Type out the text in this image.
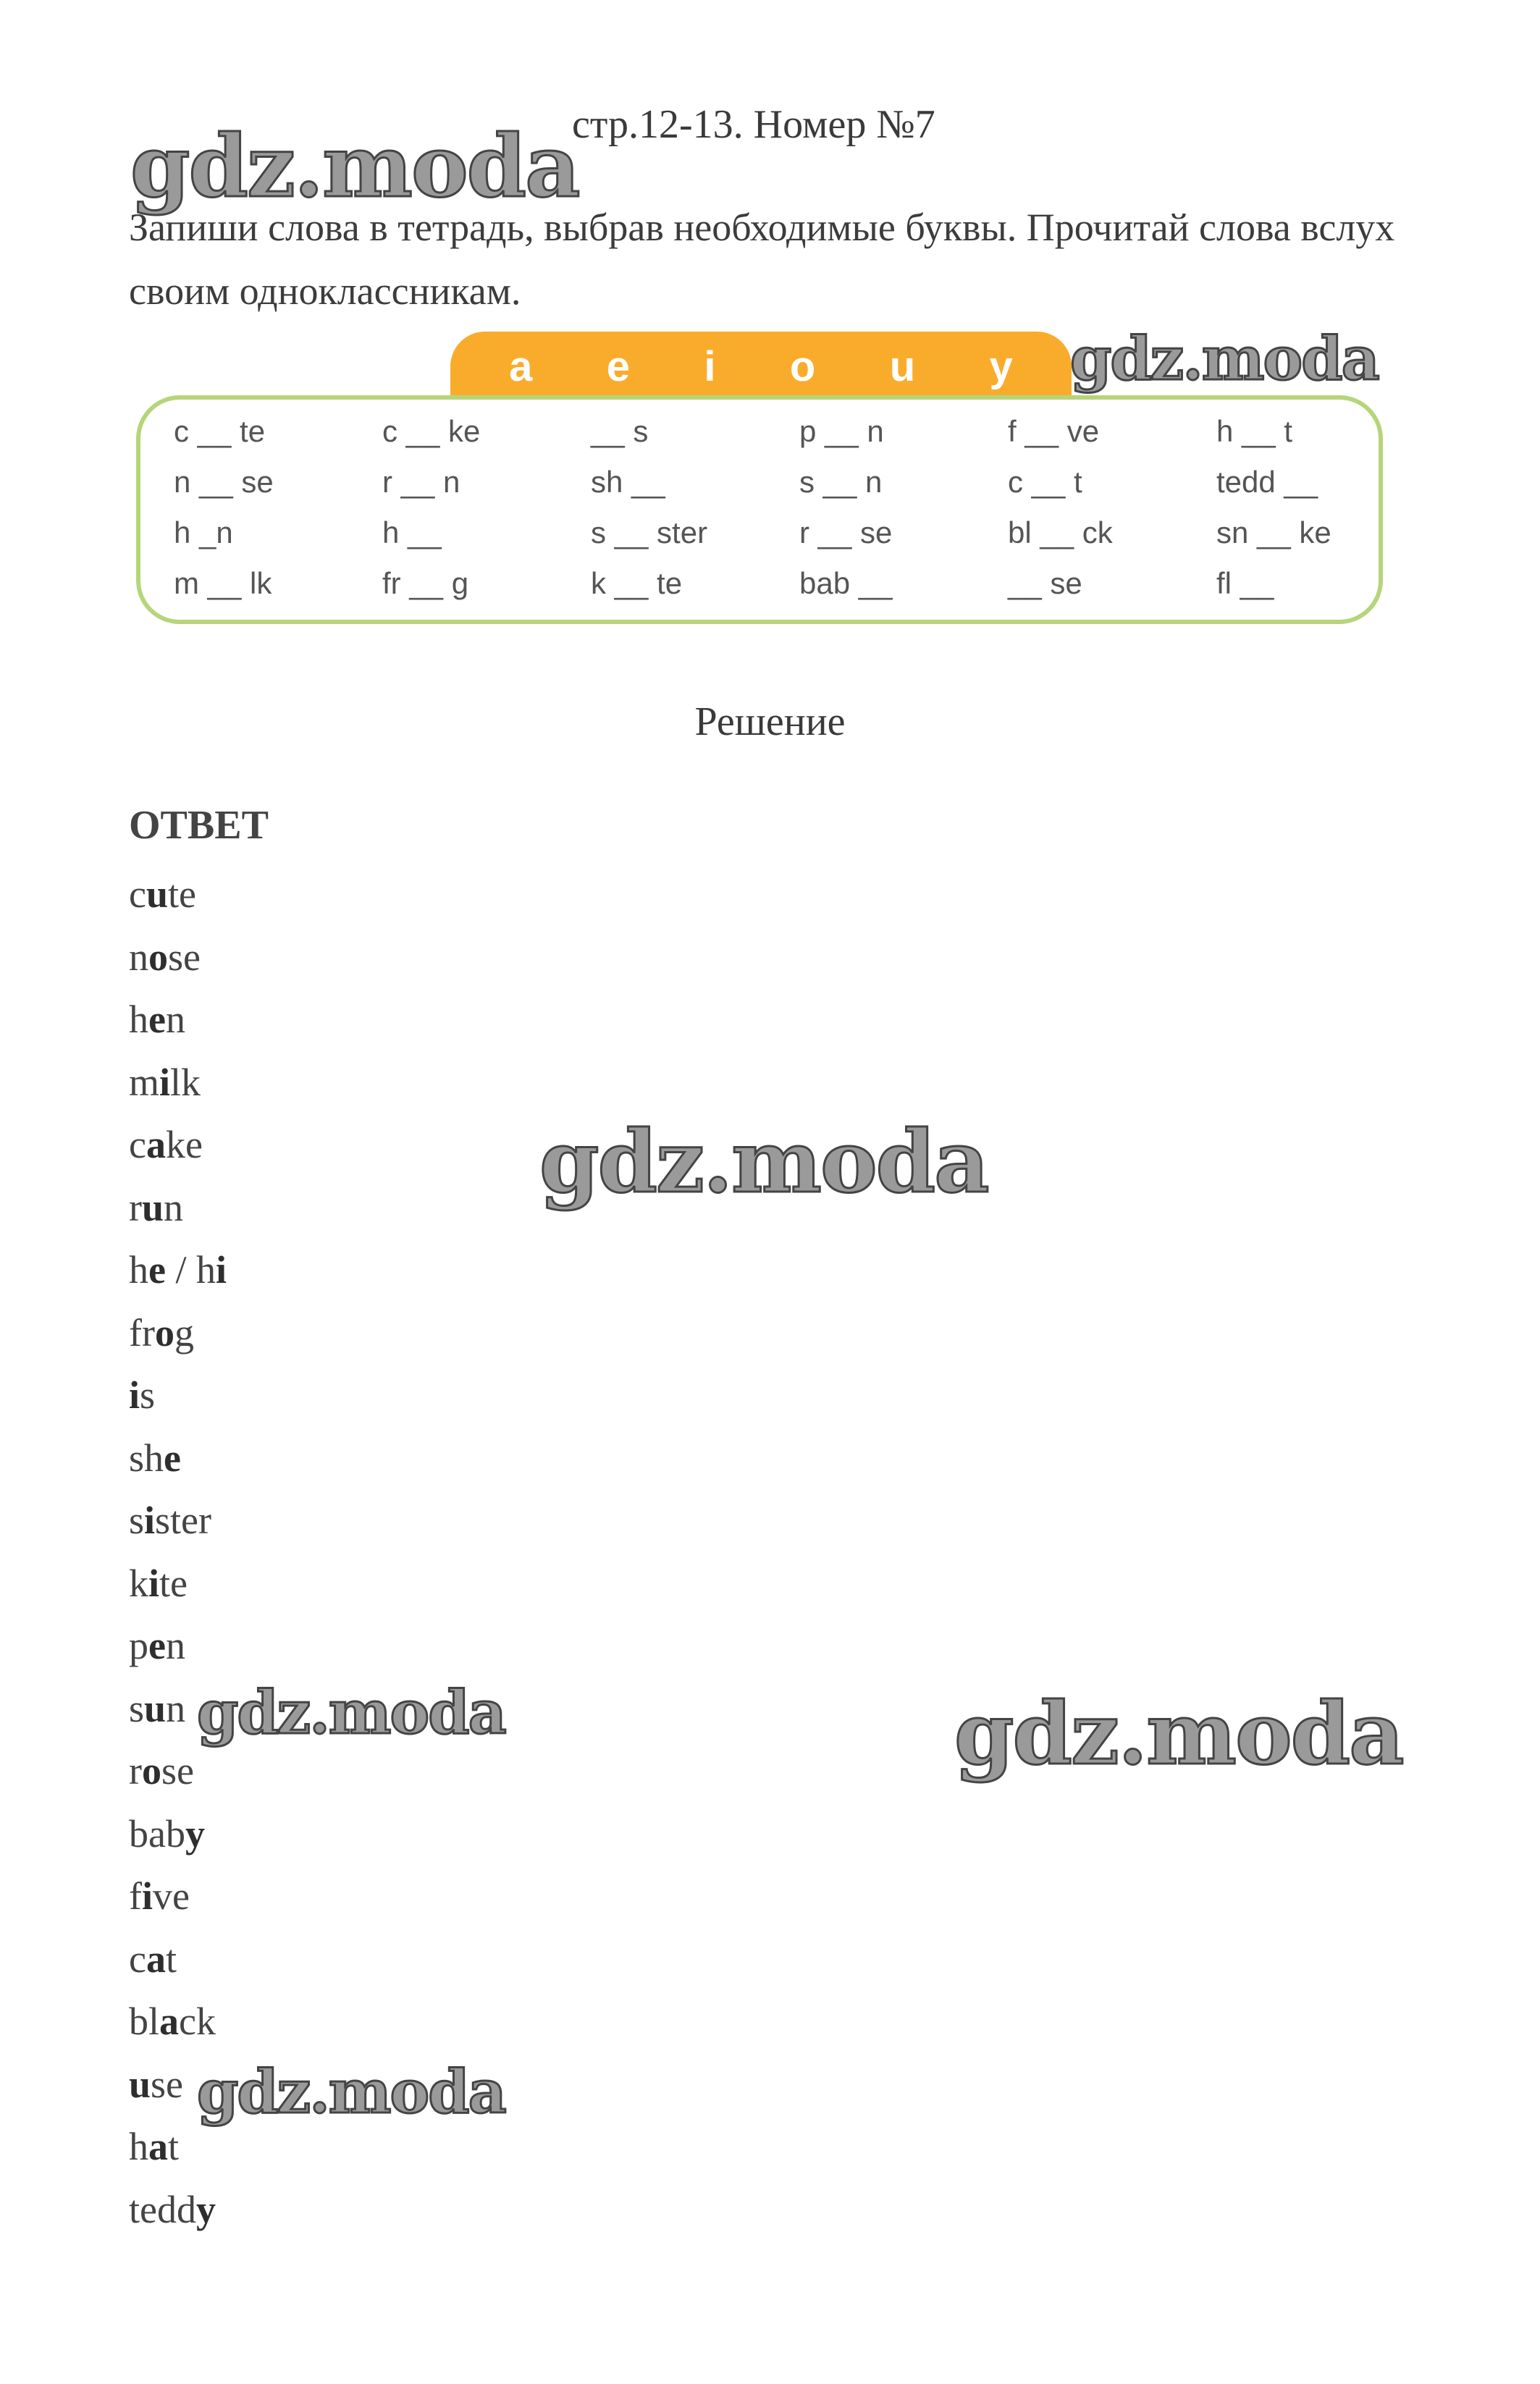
стр.12-13. Номер №7
Запиши слова в тетрадь, выбрав необходимые буквы. Прочитай слова вслух своим одноклассникам.
a e i o u y
c __ te	c __ ke	__ s	p __ n	f __ ve	h __ t
n __ se	r __ n	sh __	s __ n	c __ t	tedd __
h _n	h __	s __ ster	r __ se	bl __ ck	sn __ ke
m __ lk	fr __ g	k __ te	bab __	__ se	fl __
Решение
ОТВЕТ
cute
nose
hen
milk
cake
run
he / hi
frog
is
she
sister
kite
pen
sun
rose
baby
five
cat
black
use
hat
teddy
gdz.moda
gdz.moda
gdz.moda
gdz.moda	gdz.moda
gdz.moda
